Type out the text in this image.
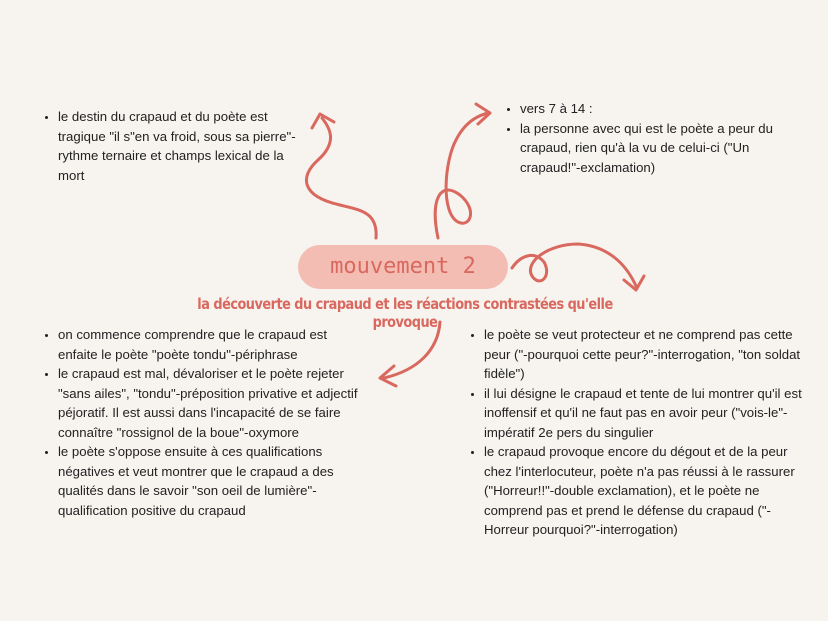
mouvement 2
la découverte du crapaud et les réactions contrastées qu'elle provoque
• le destin du crapaud et du poète est tragique "il s"en va froid, sous sa pierre"- rythme ternaire et champs lexical de la mort
• vers 7 à 14 :
• la personne avec qui est le poète a peur du crapaud, rien qu'à la vu de celui-ci ("Un crapaud!"-exclamation)
• on commence comprendre que le crapaud est enfaite le poète "poète tondu"-périphrase
• le crapaud est mal, dévaloriser et le poète rejeter "sans ailes", "tondu"-préposition privative et adjectif péjoratif. Il est aussi dans l'incapacité de se faire connaître "rossignol de la boue"-oxymore
• le poète s'oppose ensuite à ces qualifications négatives et veut montrer que le crapaud a des qualités dans le savoir "son oeil de lumière"- qualification positive du crapaud
• le poète se veut protecteur et ne comprend pas cette peur ("-pourquoi cette peur?"-interrogation, "ton soldat fidèle")
• il lui désigne le crapaud et tente de lui montrer qu'il est inoffensif et qu'il ne faut pas en avoir peur ("vois-le"-impératif 2e pers du singulier
• le crapaud provoque encore du dégout et de la peur chez l'interlocuteur, poète n'a pas réussi à le rassurer ("Horreur!!"-double exclamation), et le poète ne comprend pas et prend le défense du crapaud ("-Horreur pourquoi?"-interrogation)
